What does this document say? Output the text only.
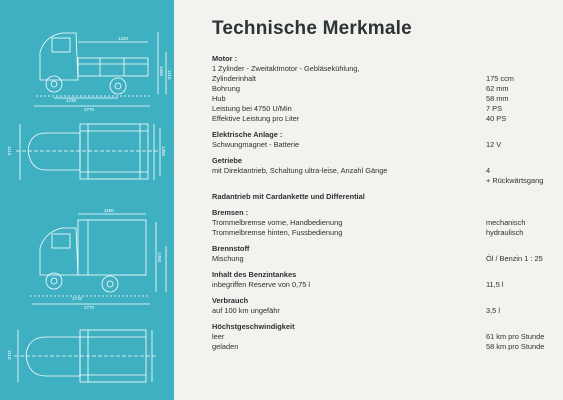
1340
1720
2770
1550 1110
1110	1350
1190
1450
1710
2770
1110
Technische Merkmale
Motor :
1 Zylinder - Zweitaktmotor - Gebläsekühlung,
Zylinderinhalt	175 ccm
Bohrung	62 mm
Hub	58 mm
Leistung bei 4750 U/Min	7 PS
Effektive Leistung pro Liter	40 PS
Elektrische Anlage :
Schwungmagnet - Batterie	12 V
Getriebe
mit Direktantrieb, Schaltung ultra-leise, Anzahl Gänge	4
+ Rückwärtsgang
Radantrieb mit Cardankette und Differential
Bremsen :
Trommelbremse vorne, Handbedienung	mechanisch
Trommelbremse hinten, Fussbedienung	hydraulisch
Brennstoff
Mischung	Öl / Benzin 1 : 25
Inhalt des Benzintankes
inbegriffen Reserve von 0,75 l	11,5 l
Verbrauch
auf 100 km ungefähr	3,5 l
Höchstgeschwindigkeit
leer	61 km pro Stunde
geladen	58 km pro Stunde
